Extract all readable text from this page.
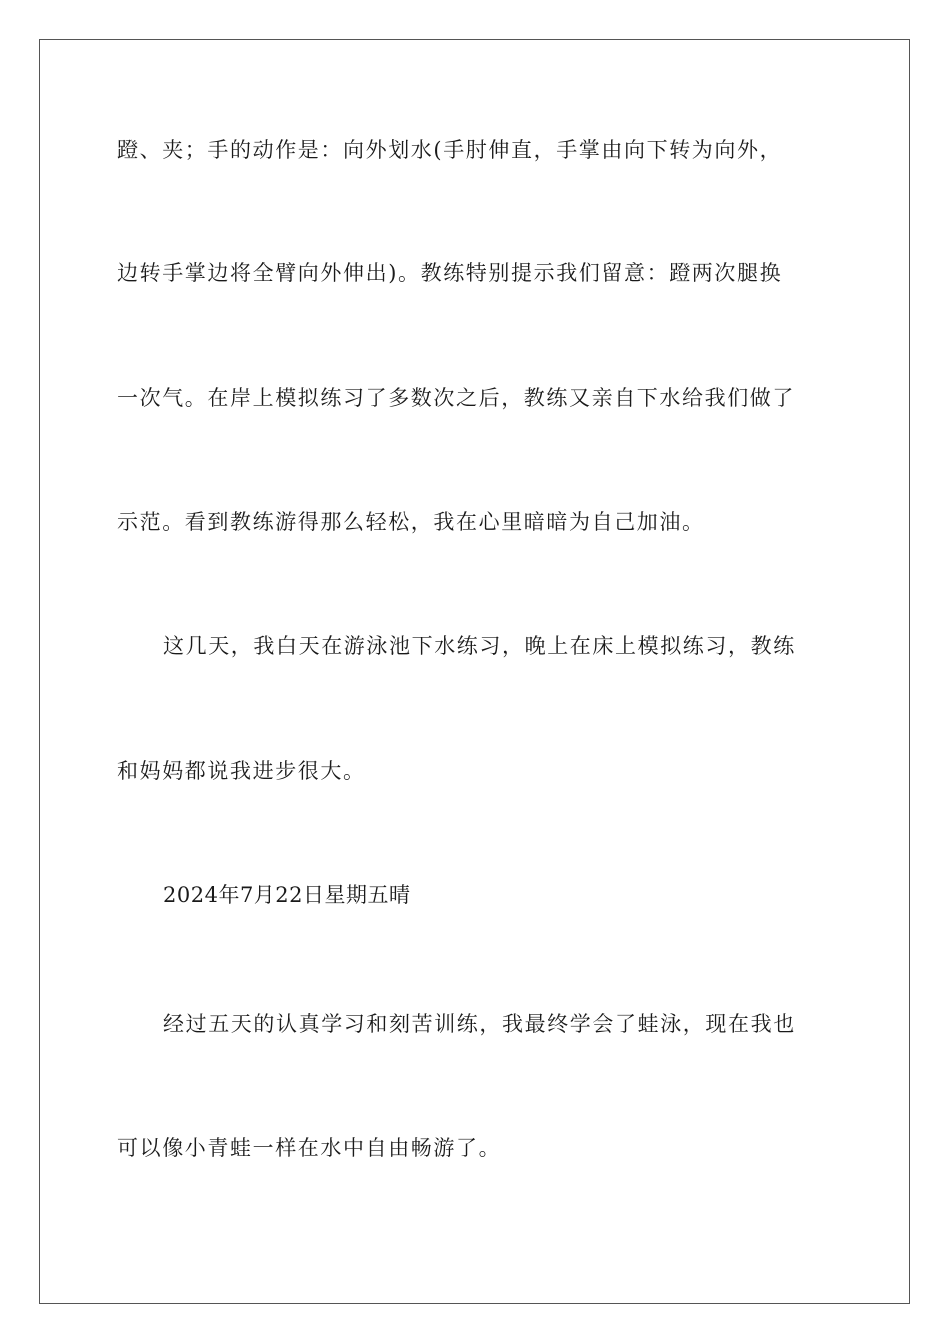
蹬、夹；手的动作是：向外划水(手肘伸直，手掌由向下转为向外，
边转手掌边将全臂向外伸出)。教练特别提示我们留意：蹬两次腿换
一次气。在岸上模拟练习了多数次之后，教练又亲自下水给我们做了
示范。看到教练游得那么轻松，我在心里暗暗为自己加油。
这几天，我白天在游泳池下水练习，晚上在床上模拟练习，教练
和妈妈都说我进步很大。
2024年7月22日星期五晴
经过五天的认真学习和刻苦训练，我最终学会了蛙泳，现在我也
可以像小青蛙一样在水中自由畅游了。
